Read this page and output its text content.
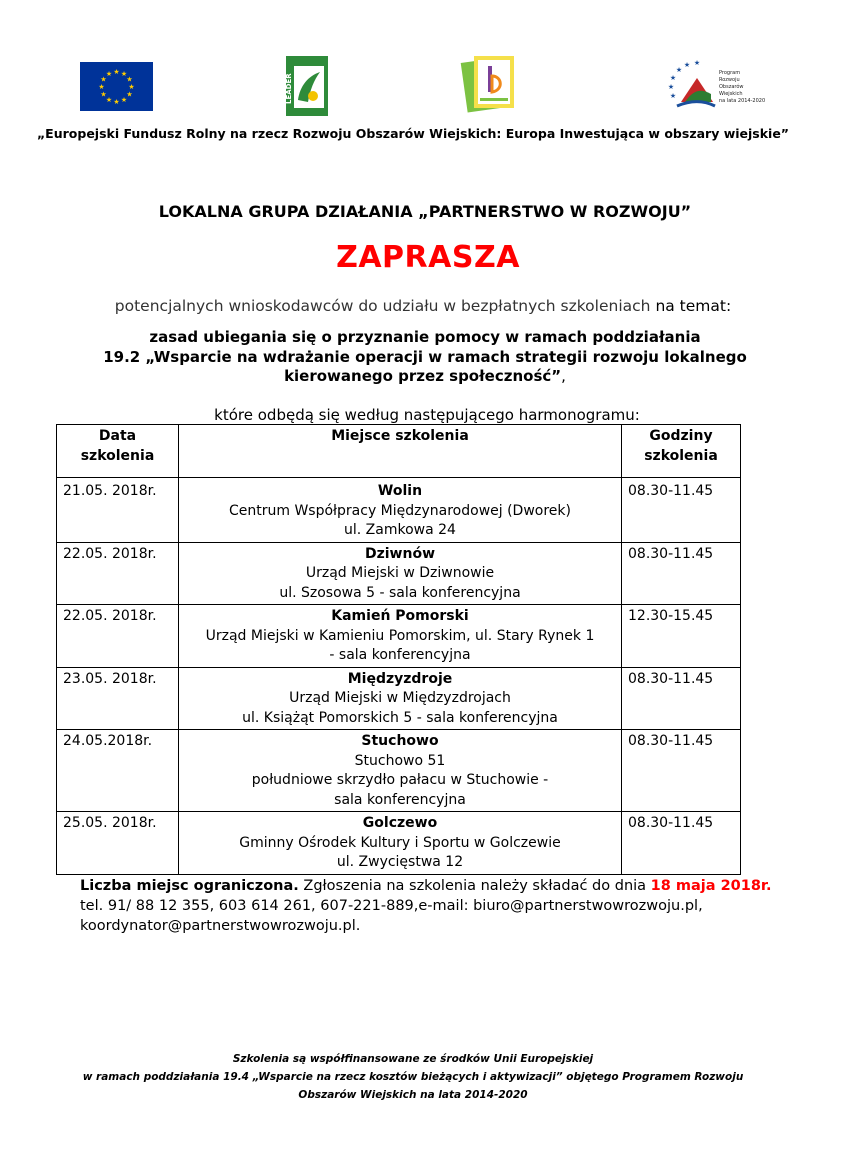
★ ★
★
★
★
★
★
★
★
★
★
★	LEADER
★
★ ★
★
★
★
Program
Rozwoju
Obszarów
Wiejskich
na lata 2014-2020
„Europejski Fundusz Rolny na rzecz Rozwoju Obszarów Wiejskich: Europa Inwestująca w obszary wiejskie”
LOKALNA GRUPA DZIAŁANIA „PARTNERSTWO W ROZWOJU”
ZAPRASZA
potencjalnych wnioskodawców do udziału w bezpłatnych szkoleniach na temat:
zasad ubiegania się o przyznanie pomocy w ramach poddziałania
19.2 „Wsparcie na wdrażanie operacji w ramach strategii rozwoju lokalnego
kierowanego przez społeczność”,
które odbędą się według następującego harmonogramu:
Data szkolenia	Miejsce szkolenia	Godziny szkolenia
21.05. 2018r.	Wolin
Centrum Współpracy Międzynarodowej (Dworek)
ul. Zamkowa 24	08.30-11.45
22.05. 2018r.	Dziwnów
Urząd Miejski w Dziwnowie
ul. Szosowa 5 - sala konferencyjna	08.30-11.45
22.05. 2018r.	Kamień Pomorski
Urząd Miejski w Kamieniu Pomorskim, ul. Stary Rynek 1
- sala konferencyjna	12.30-15.45
23.05. 2018r.	Międzyzdroje
Urząd Miejski w Międzyzdrojach
ul. Książąt Pomorskich 5 - sala konferencyjna	08.30-11.45
24.05.2018r.	Stuchowo
Stuchowo 51
południowe skrzydło pałacu w Stuchowie -
sala konferencyjna	08.30-11.45
25.05. 2018r.	Golczewo
Gminny Ośrodek Kultury i Sportu w Golczewie
ul. Zwycięstwa 12	08.30-11.45
Liczba miejsc ograniczona. Zgłoszenia na szkolenia należy składać do dnia 18 maja 2018r.
tel. 91/ 88 12 355, 603 614 261, 607-221-889,e-mail: biuro@partnerstwowrozwoju.pl,
koordynator@partnerstwowrozwoju.pl.
Szkolenia są współfinansowane ze środków Unii Europejskiej
w ramach poddziałania 19.4 „Wsparcie na rzecz kosztów bieżących i aktywizacji” objętego Programem Rozwoju
Obszarów Wiejskich na lata 2014-2020
